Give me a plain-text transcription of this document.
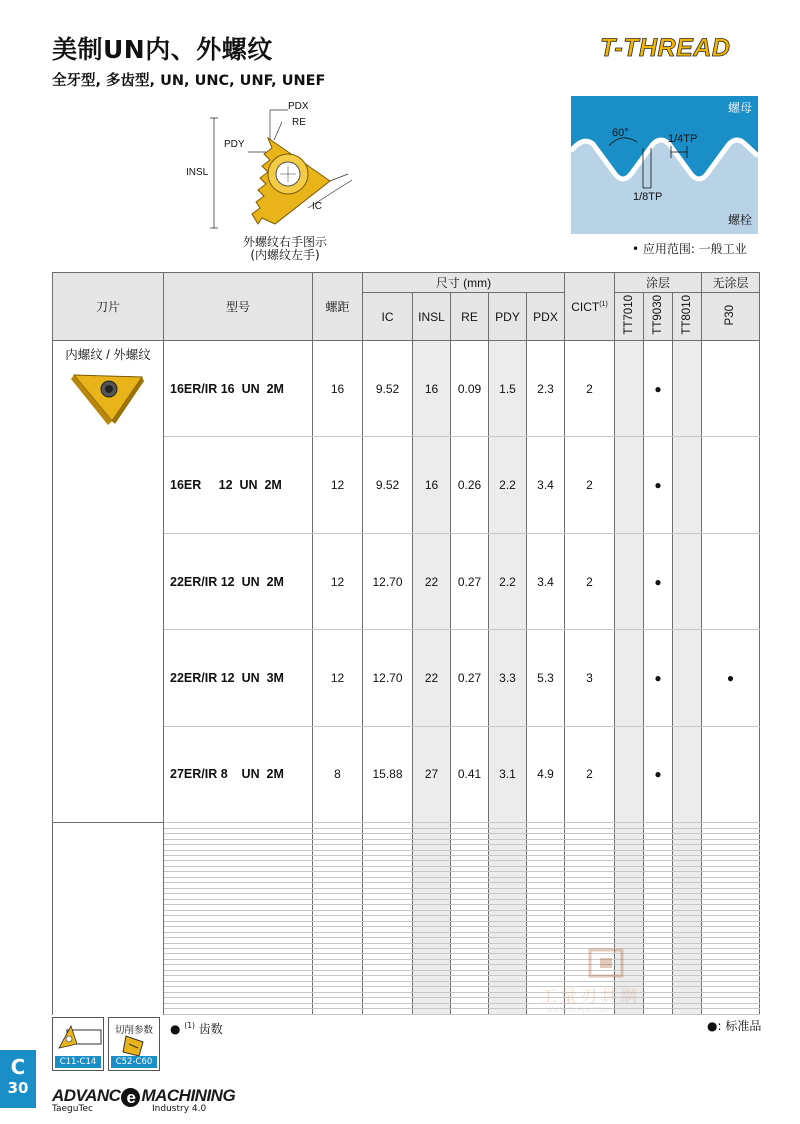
美制UN内、外螺纹
全牙型, 多齿型, UN, UNC, UNF, UNEF
T-THREAD
PDX
RE
PDY
INSL
IC
外螺纹右手图示
(内螺纹左手)
60°	1/4TP
1/8TP
螺母
螺栓
• 应用范围: 一般工业
刀片	型号	螺距	尺寸 (mm)					CICT$^{(1)}$	涂层			无涂层
			IC	INSL	RE	PDY	PDX		TT7010	TT9030	TT8010	P30

内螺纹 / 外螺纹	16ER/IR 16  UN  2M	16	9.52	16	0.09	1.5	2.3	2		●		
	16ER     12  UN  2M	12	9.52	16	0.26	2.2	3.4	2		●		
	22ER/IR 12  UN  2M	12	12.70	22	0.27	2.2	3.4	2		●		
	22ER/IR 12  UN  3M	12	12.70	22	0.27	3.3	5.3	3		●		●
	27ER/IR 8    UN  2M	8	15.88	27	0.41	3.1	4.9	2		●		

工量刃具網
WWW.GLRJW.COM
C11-C14
切削参数
C52-C60
● $^{(1)}$ 齿数	●: 标准品
C
30	ADVANC e MACHINING
TaeguTec	Industry 4.0
